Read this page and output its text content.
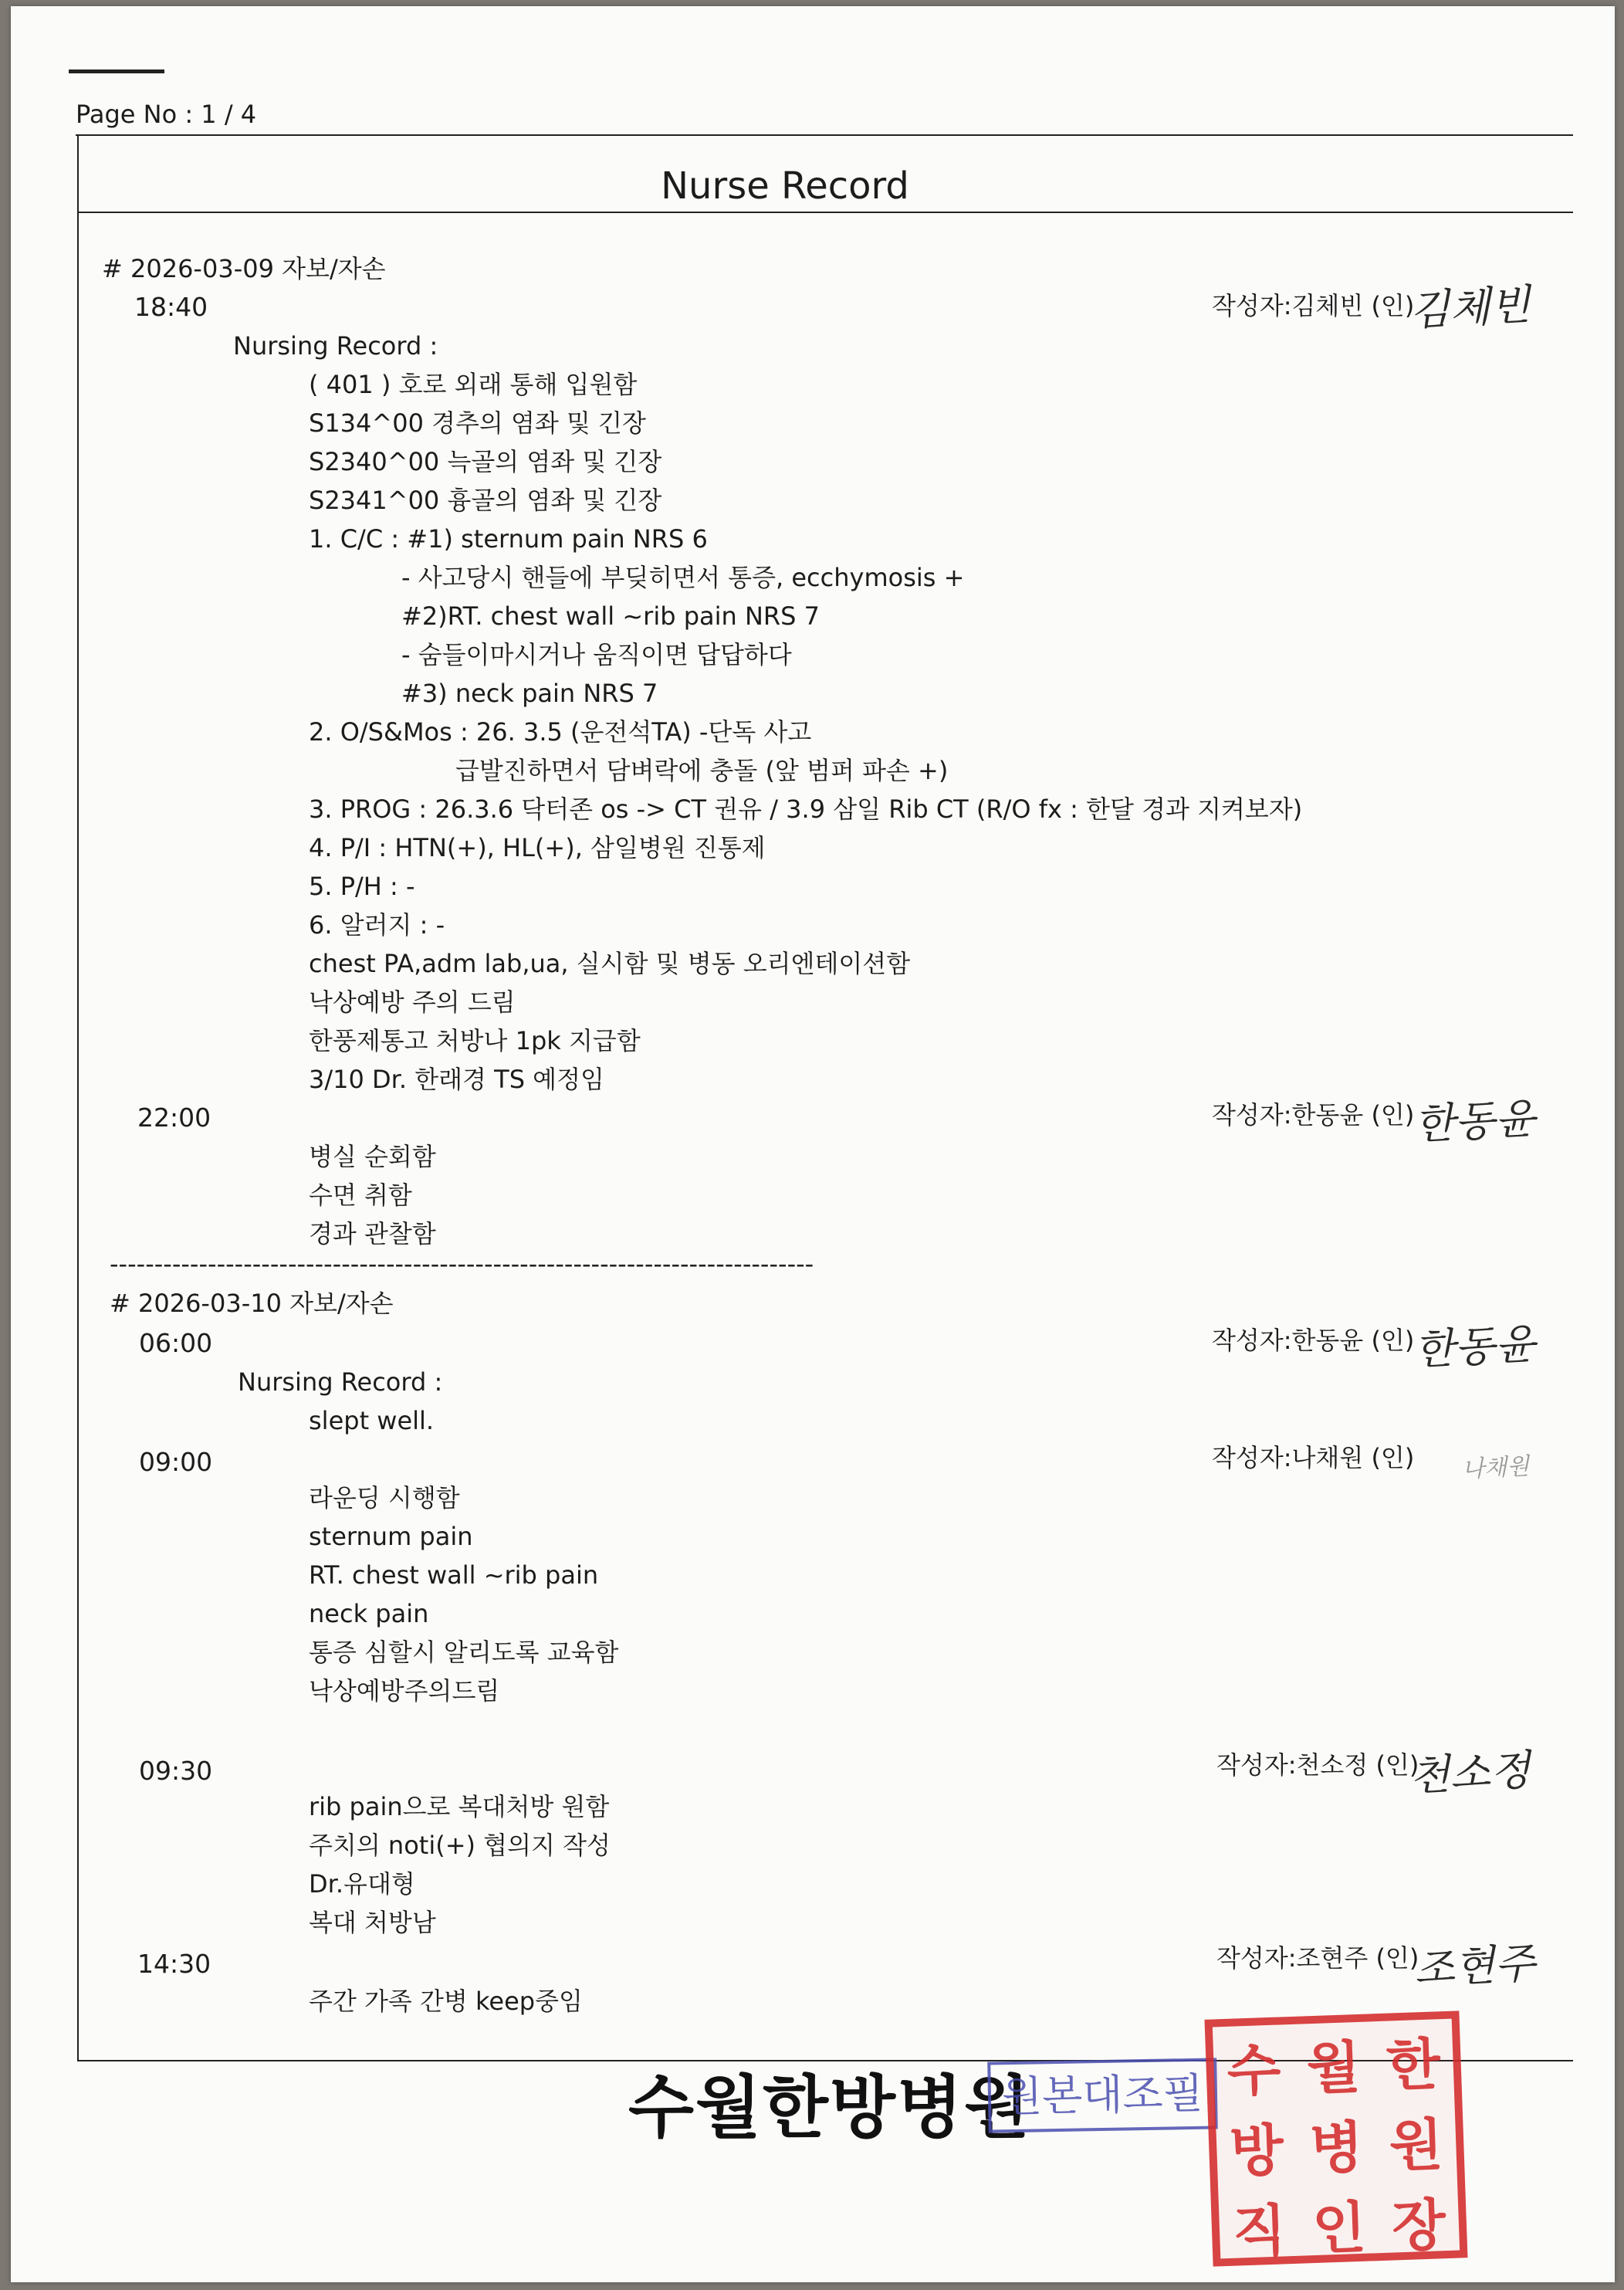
Page No : 1 / 4
Nurse Record
# 2026-03-09 자보/자손
18:40	작성자:김체빈 (인)
김체빈
Nursing Record :
( 401 ) 호로 외래 통해 입원함
S134^00 경추의 염좌 및 긴장
S2340^00 늑골의 염좌 및 긴장
S2341^00 흉골의 염좌 및 긴장
1. C/C : #1) sternum pain NRS 6
- 사고당시 핸들에 부딪히면서 통증, ecchymosis +
#2)RT. chest wall ~rib pain NRS 7
- 숨들이마시거나 움직이면 답답하다
#3) neck pain NRS 7
2. O/S&Mos : 26. 3.5 (운전석TA) -단독 사고
급발진하면서 담벼락에 충돌 (앞 범퍼 파손 +)
3. PROG : 26.3.6 닥터존 os -> CT 권유 / 3.9 삼일 Rib CT (R/O fx : 한달 경과 지켜보자)
4. P/I : HTN(+), HL(+), 삼일병원 진통제
5. P/H : -
6. 알러지 : -
chest PA,adm lab,ua, 실시함 및 병동 오리엔테이션함
낙상예방 주의 드림
한풍제통고 처방나 1pk 지급함
3/10 Dr. 한래경 TS 예정임
22:00	작성자:한동윤 (인)
한동윤
병실 순회함
수면 취함
경과 관찰함
-------------------------------------------------------------------------------
# 2026-03-10 자보/자손
06:00	작성자:한동윤 (인)
한동윤
Nursing Record :
slept well.
09:00	작성자:나채원 (인) 나채원
라운딩 시행함
sternum pain
RT. chest wall ~rib pain
neck pain
통증 심할시 알리도록 교육함
낙상예방주의드림
09:30	작성자:천소정 (인)
천소정
rib pain으로 복대처방 원함
주치의 noti(+) 협의지 작성
Dr.유대형
복대 처방남
14:30	작성자:조현주 (인)
조현주
주간 가족 간병 keep중임
수월한방병원
원본대조필 수 월 한
방 병 원
직 인 장
